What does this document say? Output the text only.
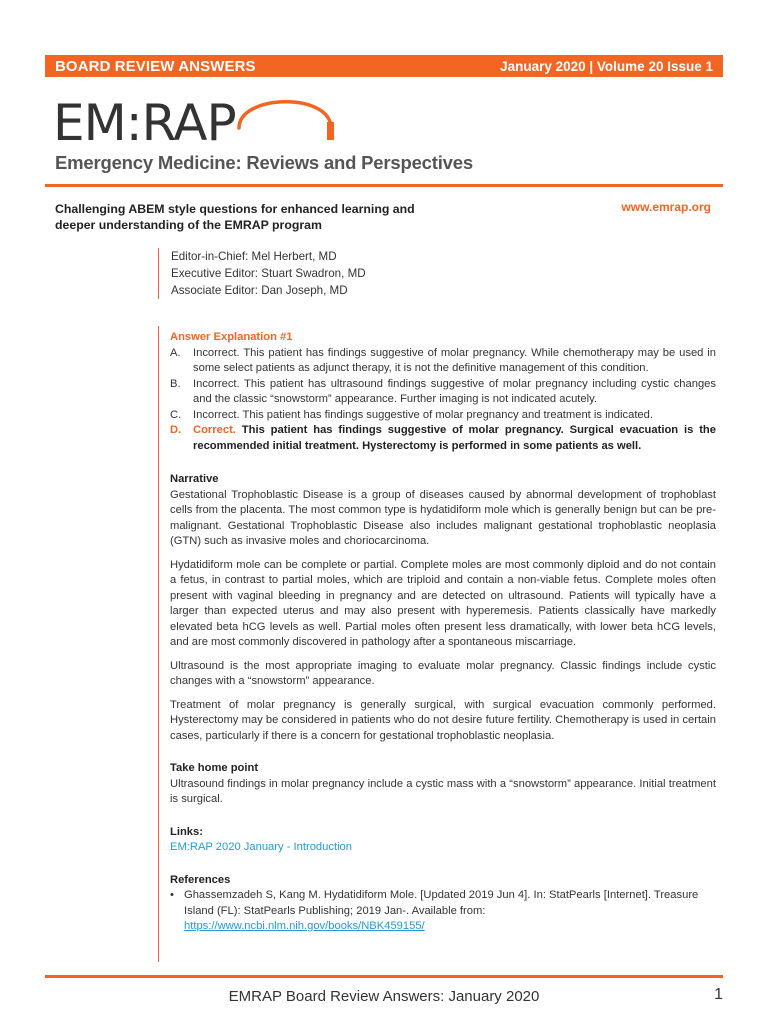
BOARD REVIEW ANSWERS	January 2020 | Volume 20 Issue 1
EM:RAP
Emergency Medicine: Reviews and Perspectives
Challenging ABEM style questions for enhanced learning and deeper understanding of the EMRAP program
www.emrap.org
Editor-in-Chief: Mel Herbert, MD
Executive Editor: Stuart Swadron, MD
Associate Editor: Dan Joseph, MD
Answer Explanation #1
A.	Incorrect. This patient has findings suggestive of molar pregnancy. While chemotherapy may be used in some select patients as adjunct therapy, it is not the definitive management of this condition.
B.	Incorrect. This patient has ultrasound findings suggestive of molar pregnancy including cystic changes and the classic “snowstorm” appearance. Further imaging is not indicated acutely.
C.	Incorrect. This patient has findings suggestive of molar pregnancy and treatment is indicated.
D.	Correct. This patient has findings suggestive of molar pregnancy. Surgical evacuation is the recommended initial treatment. Hysterectomy is performed in some patients as well.
Narrative

Gestational Trophoblastic Disease is a group of diseases caused by abnormal development of trophoblast cells from the placenta. The most common type is hydatidiform mole which is generally benign but can be pre-malignant. Gestational Trophoblastic Disease also includes malignant gestational trophoblastic neoplasia (GTN) such as invasive moles and choriocarcinoma.

Hydatidiform mole can be complete or partial. Complete moles are most commonly diploid and do not contain a fetus, in contrast to partial moles, which are triploid and contain a non-viable fetus. Complete moles often present with vaginal bleeding in pregnancy and are detected on ultrasound. Patients will typically have a larger than expected uterus and may also present with hyperemesis. Patients classically have markedly elevated beta hCG levels as well. Partial moles often present less dramatically, with lower beta hCG levels, and are most commonly discovered in pathology after a spontaneous miscarriage.

Ultrasound is the most appropriate imaging to evaluate molar pregnancy. Classic findings include cystic changes with a “snowstorm” appearance.

Treatment of molar pregnancy is generally surgical, with surgical evacuation commonly performed. Hysterectomy may be considered in patients who do not desire future fertility. Chemotherapy is used in certain cases, particularly if there is a concern for gestational trophoblastic neoplasia.

Take home point

Ultrasound findings in molar pregnancy include a cystic mass with a “snowstorm” appearance. Initial treatment is surgical.

Links:
EM:RAP 2020 January - Introduction
References
• Ghassemzadeh S, Kang M. Hydatidiform Mole. [Updated 2019 Jun 4]. In: StatPearls [Internet]. Treasure Island (FL): StatPearls Publishing; 2019 Jan-. Available from: https://www.ncbi.nlm.nih.gov/books/NBK459155/
EMRAP Board Review Answers: January 2020	1
